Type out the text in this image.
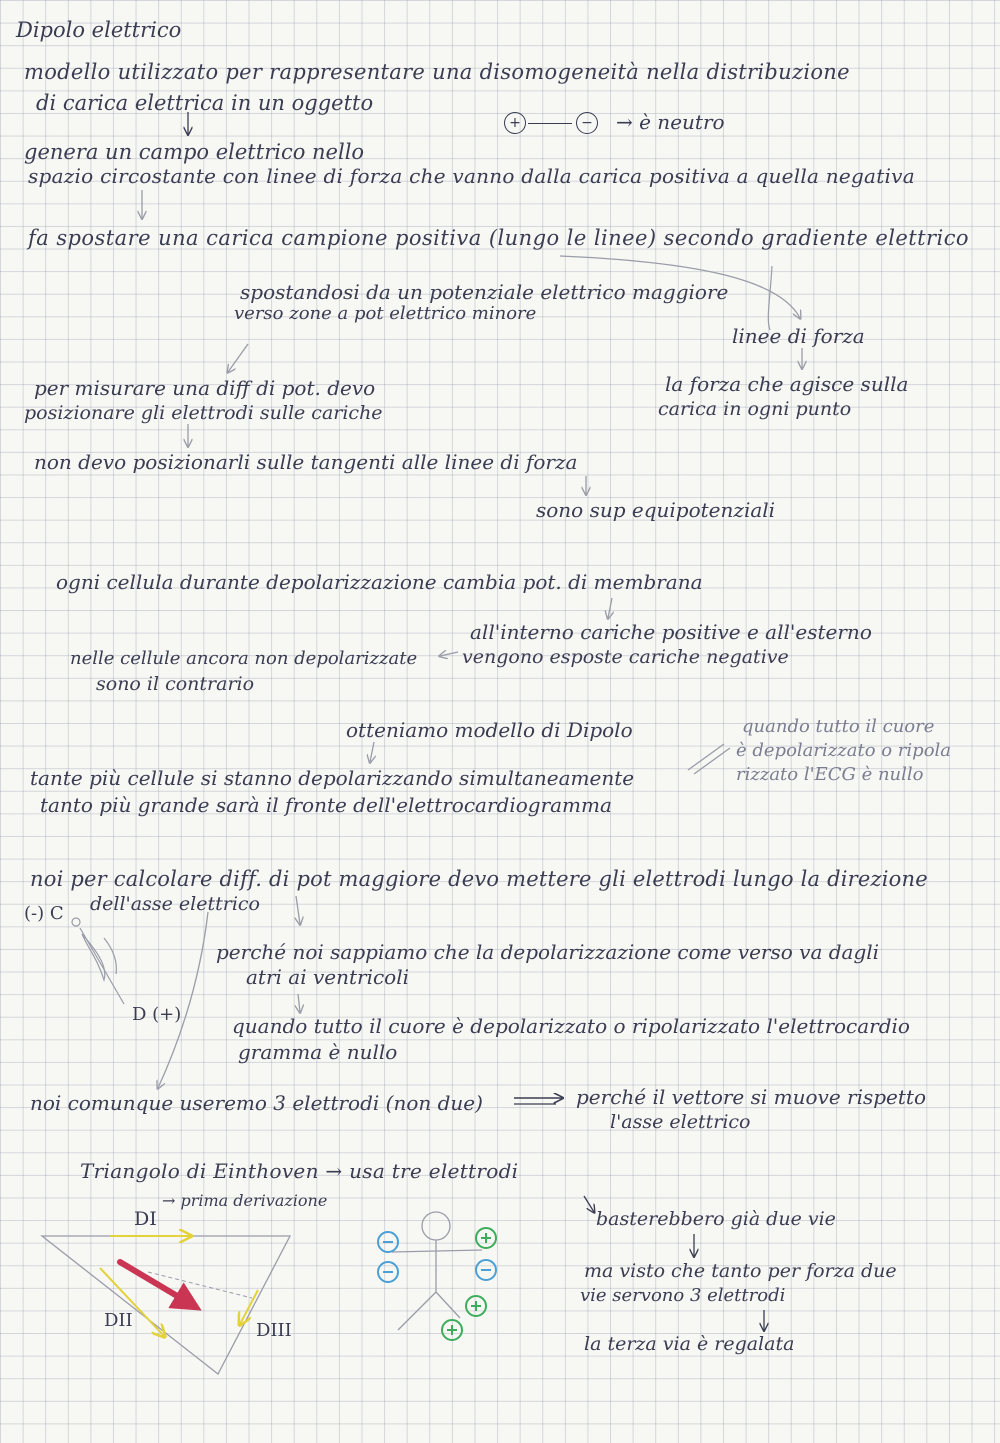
Dipolo elettrico
modello utilizzato per rappresentare una disomogeneità nella distribuzione
di carica elettrica in un oggetto
+	− → è neutro
genera un campo elettrico nello
spazio circostante con linee di forza che vanno dalla carica positiva a quella negativa
fa spostare una carica campione positiva (lungo le linee) secondo gradiente elettrico
spostandosi da un potenziale elettrico maggiore
verso zone a pot elettrico minore
linee di forza
la forza che agisce sulla
carica in ogni punto
per misurare una diff di pot. devo
posizionare gli elettrodi sulle cariche
non devo posizionarli sulle tangenti alle linee di forza
sono sup equipotenziali
ogni cellula durante depolarizzazione cambia pot. di membrana
all'interno cariche positive e all'esterno
nelle cellule ancora non depolarizzate vengono esposte cariche negative
sono il contrario
otteniamo modello di Dipolo	quando tutto il cuore
è depolarizzato o ripola
rizzato l'ECG è nullo
tante più cellule si stanno depolarizzando simultaneamente
tanto più grande sarà il fronte dell'elettrocardiogramma
noi per calcolare diff. di pot maggiore devo mettere gli elettrodi lungo la direzione
(-) C dell'asse elettrico
perché noi sappiamo che la depolarizzazione come verso va dagli
atri ai ventricoli
D (+)	quando tutto il cuore è depolarizzato o ripolarizzato l'elettrocardio
gramma è nullo
noi comunque useremo 3 elettrodi (non due)	perché il vettore si muove rispetto
l'asse elettrico
Triangolo di Einthoven → usa tre elettrodi
→ prima derivazione
DI
DII	DIII
basterebbero già due vie
ma visto che tanto per forza due
vie servono 3 elettrodi
la terza via è regalata
